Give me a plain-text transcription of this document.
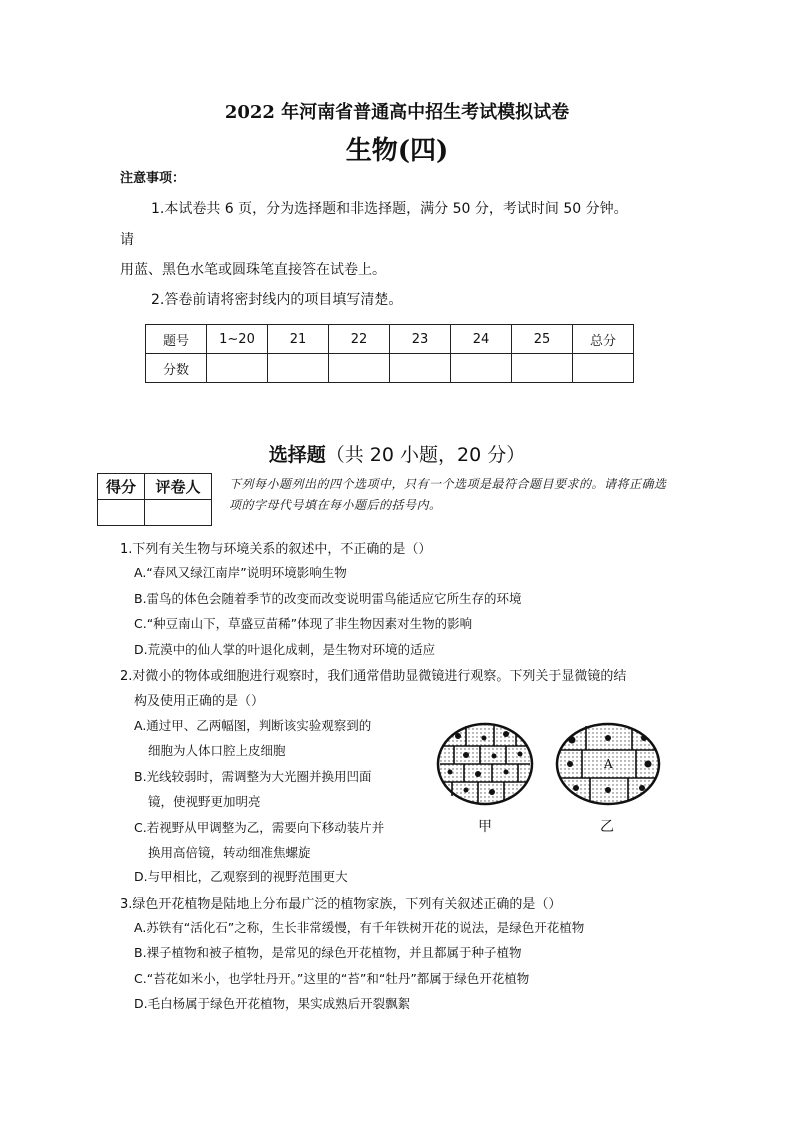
2022 年河南省普通高中招生考试模拟试卷
生物(四)
注意事项：
1.本试卷共 6 页，分为选择题和非选择题，满分 50 分，考试时间 50 分钟。
请
用蓝、黑色水笔或圆珠笔直接答在试卷上。
2.答卷前请将密封线内的项目填写清楚。
题号	1~20	21	22	23	24	25	总分
分数							
选择题（共 20 小题，20 分）
得分	评卷人
	下列每小题列出的四个选项中，只有一个选项是最符合题目要求的。请将正确选项的字母代号填在每小题后的括号内。
1.下列有关生物与环境关系的叙述中，不正确的是（）
A.“春风又绿江南岸”说明环境影响生物
B.雷鸟的体色会随着季节的改变而改变说明雷鸟能适应它所生存的环境
C.“种豆南山下，草盛豆苗稀”体现了非生物因素对生物的影响
D.荒漠中的仙人掌的叶退化成刺，是生物对环境的适应
2.对微小的物体或细胞进行观察时，我们通常借助显微镜进行观察。下列关于显微镜的结
构及使用正确的是（）
A.通过甲、乙两幅图，判断该实验观察到的
细胞为人体口腔上皮细胞
B.光线较弱时，需调整为大光圈并换用凹面
镜，使视野更加明亮
C.若视野从甲调整为乙，需要向下移动装片并
换用高倍镜，转动细准焦螺旋
D.与甲相比，乙观察到的视野范围更大
A
甲	乙
3.绿色开花植物是陆地上分布最广泛的植物家族，下列有关叙述正确的是（）
A.苏铁有“活化石”之称，生长非常缓慢，有千年铁树开花的说法，是绿色开花植物
B.裸子植物和被子植物，是常见的绿色开花植物，并且都属于种子植物
C.“苔花如米小，也学牡丹开。”这里的“苔”和“牡丹”都属于绿色开花植物
D.毛白杨属于绿色开花植物，果实成熟后开裂飘絮
